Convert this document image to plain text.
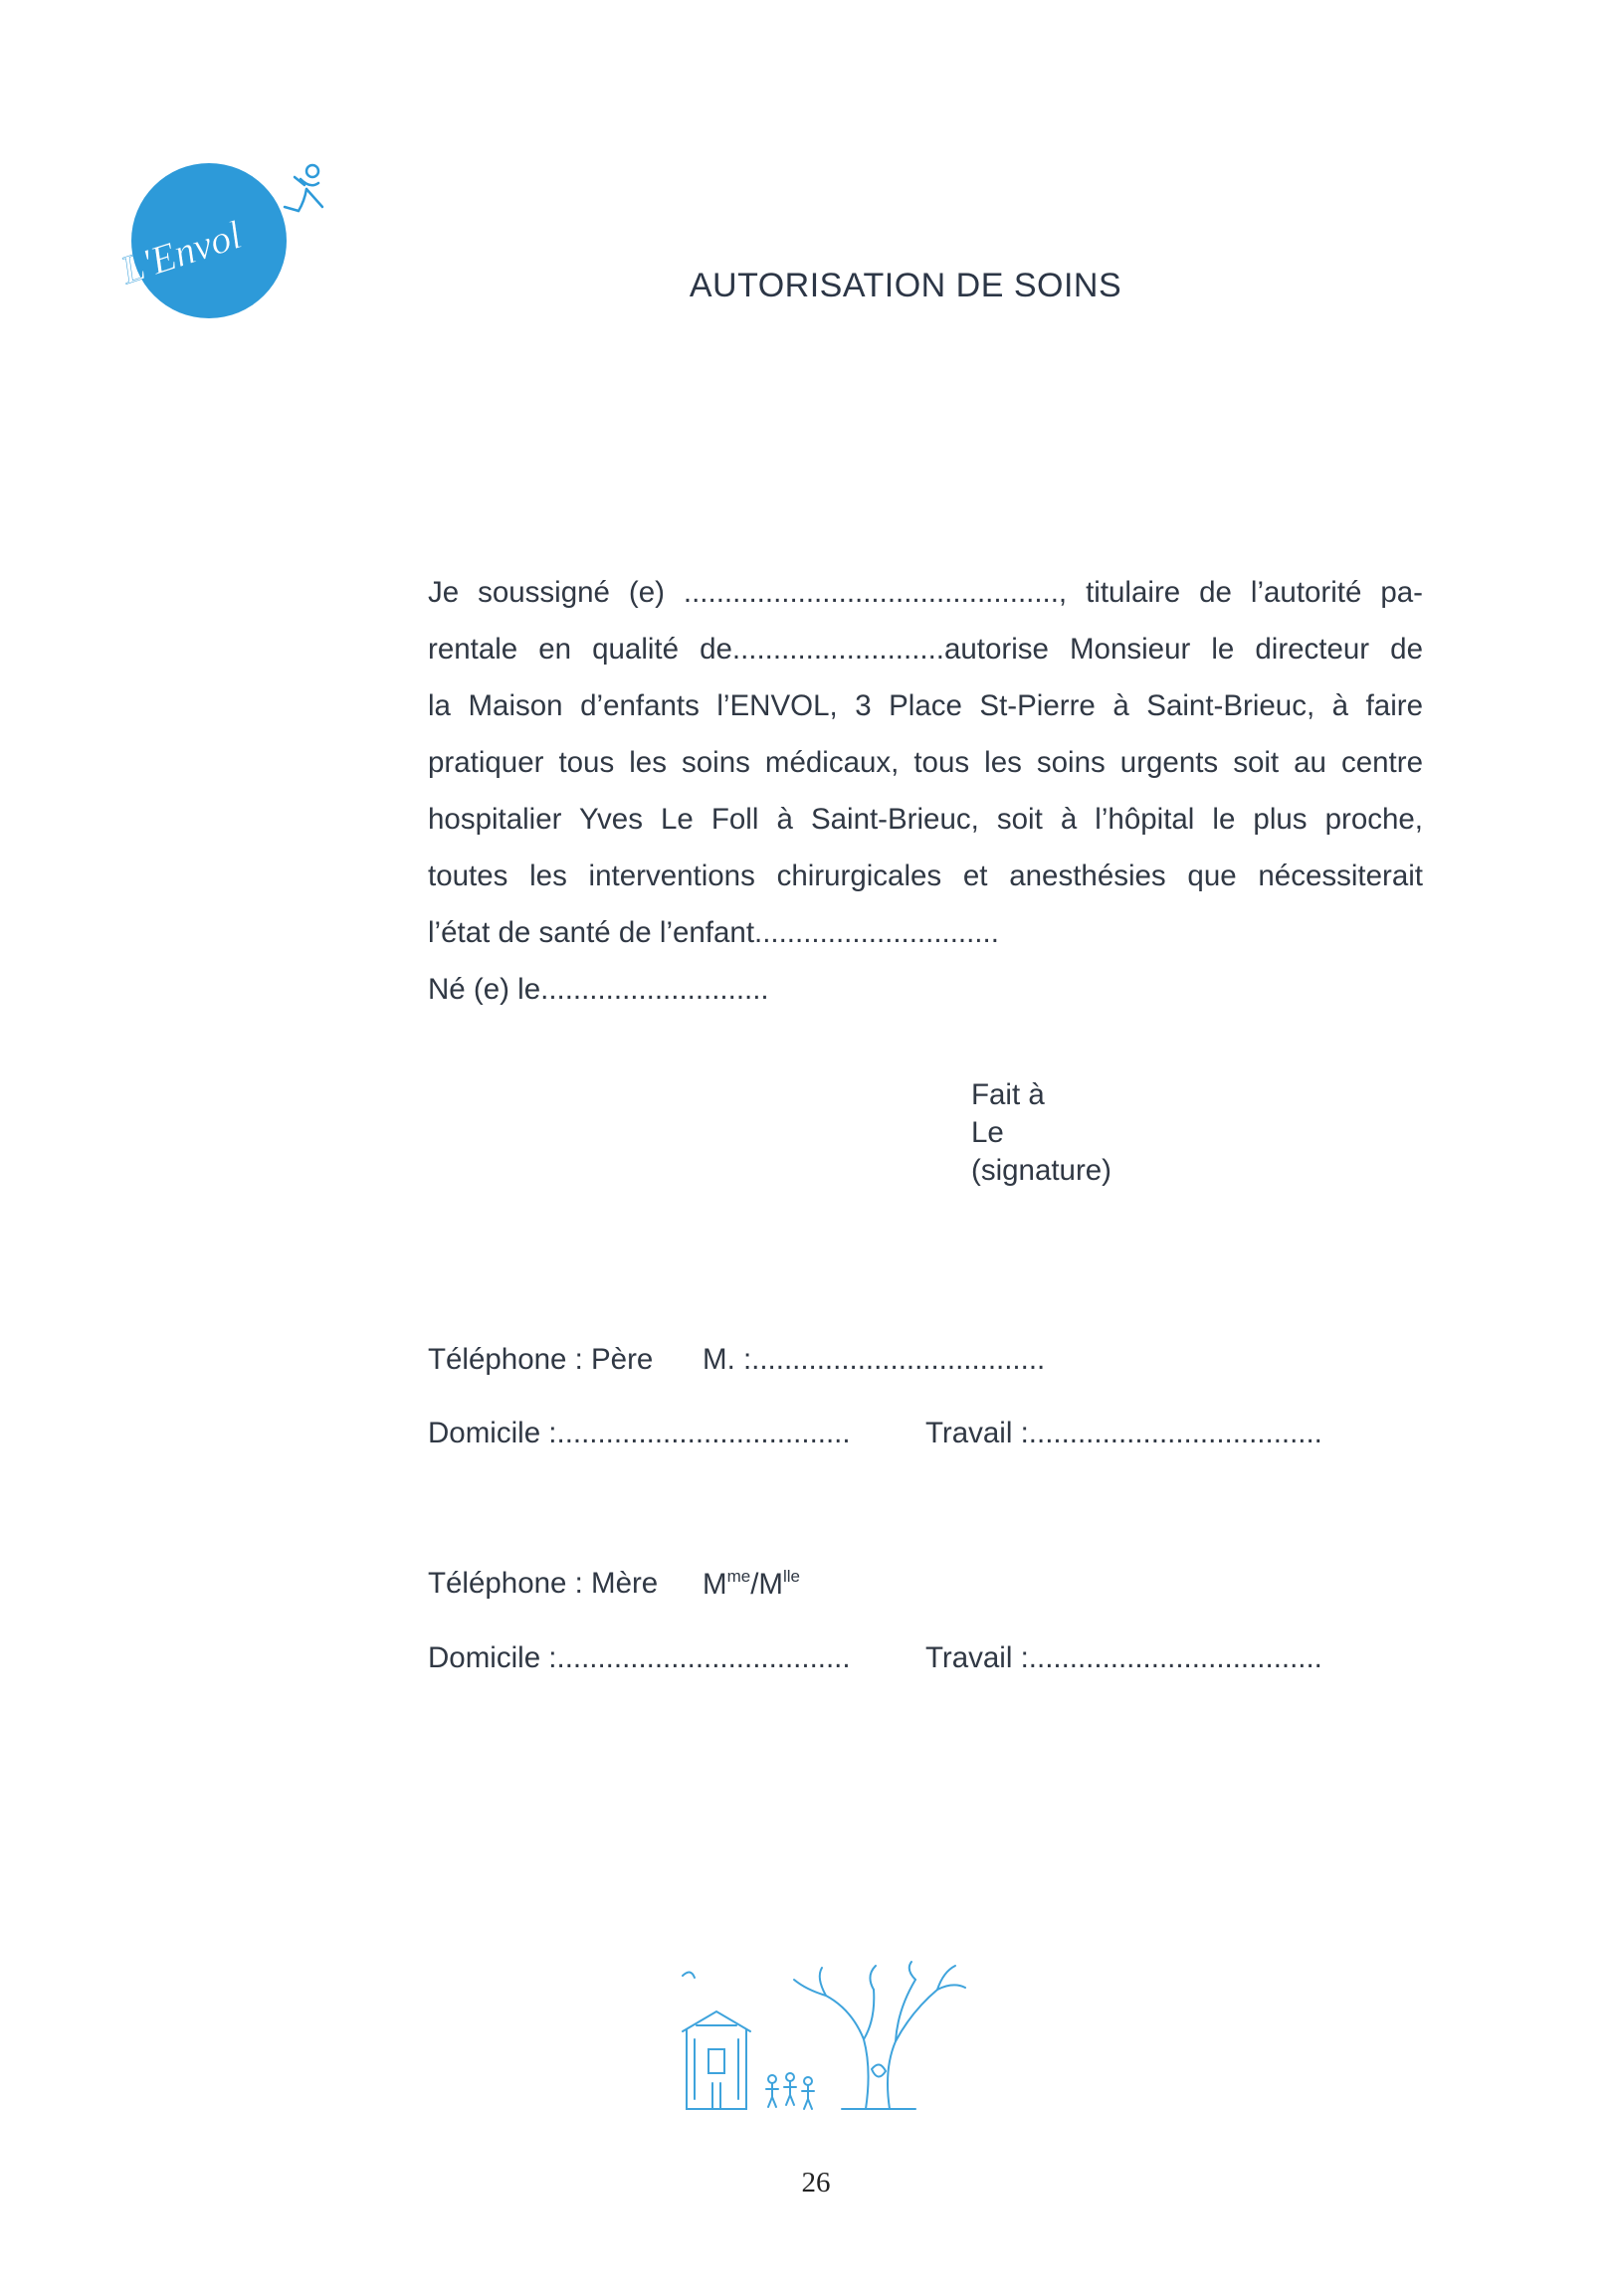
L'Envol	AUTORISATION DE SOINS
Je soussigné (e) .............................................., titulaire de l’autorité pa-
rentale en qualité de..........................autorise Monsieur le directeur de
la Maison d’enfants l’ENVOL, 3 Place St-Pierre à Saint-Brieuc, à faire
pratiquer tous les soins médicaux, tous les soins urgents soit au centre
hospitalier Yves Le Foll à Saint-Brieuc, soit à l’hôpital le plus proche,
toutes les interventions chirurgicales et anesthésies que nécessiterait
l’état de santé de l’enfant..............................
Né (e) le............................
Fait à
Le
(signature)
Téléphone : Père M. :....................................
Domicile :....................................	Travail :....................................
Téléphone : Mère $M^{me}/M^{lle}$
Domicile :....................................	Travail :....................................
26
